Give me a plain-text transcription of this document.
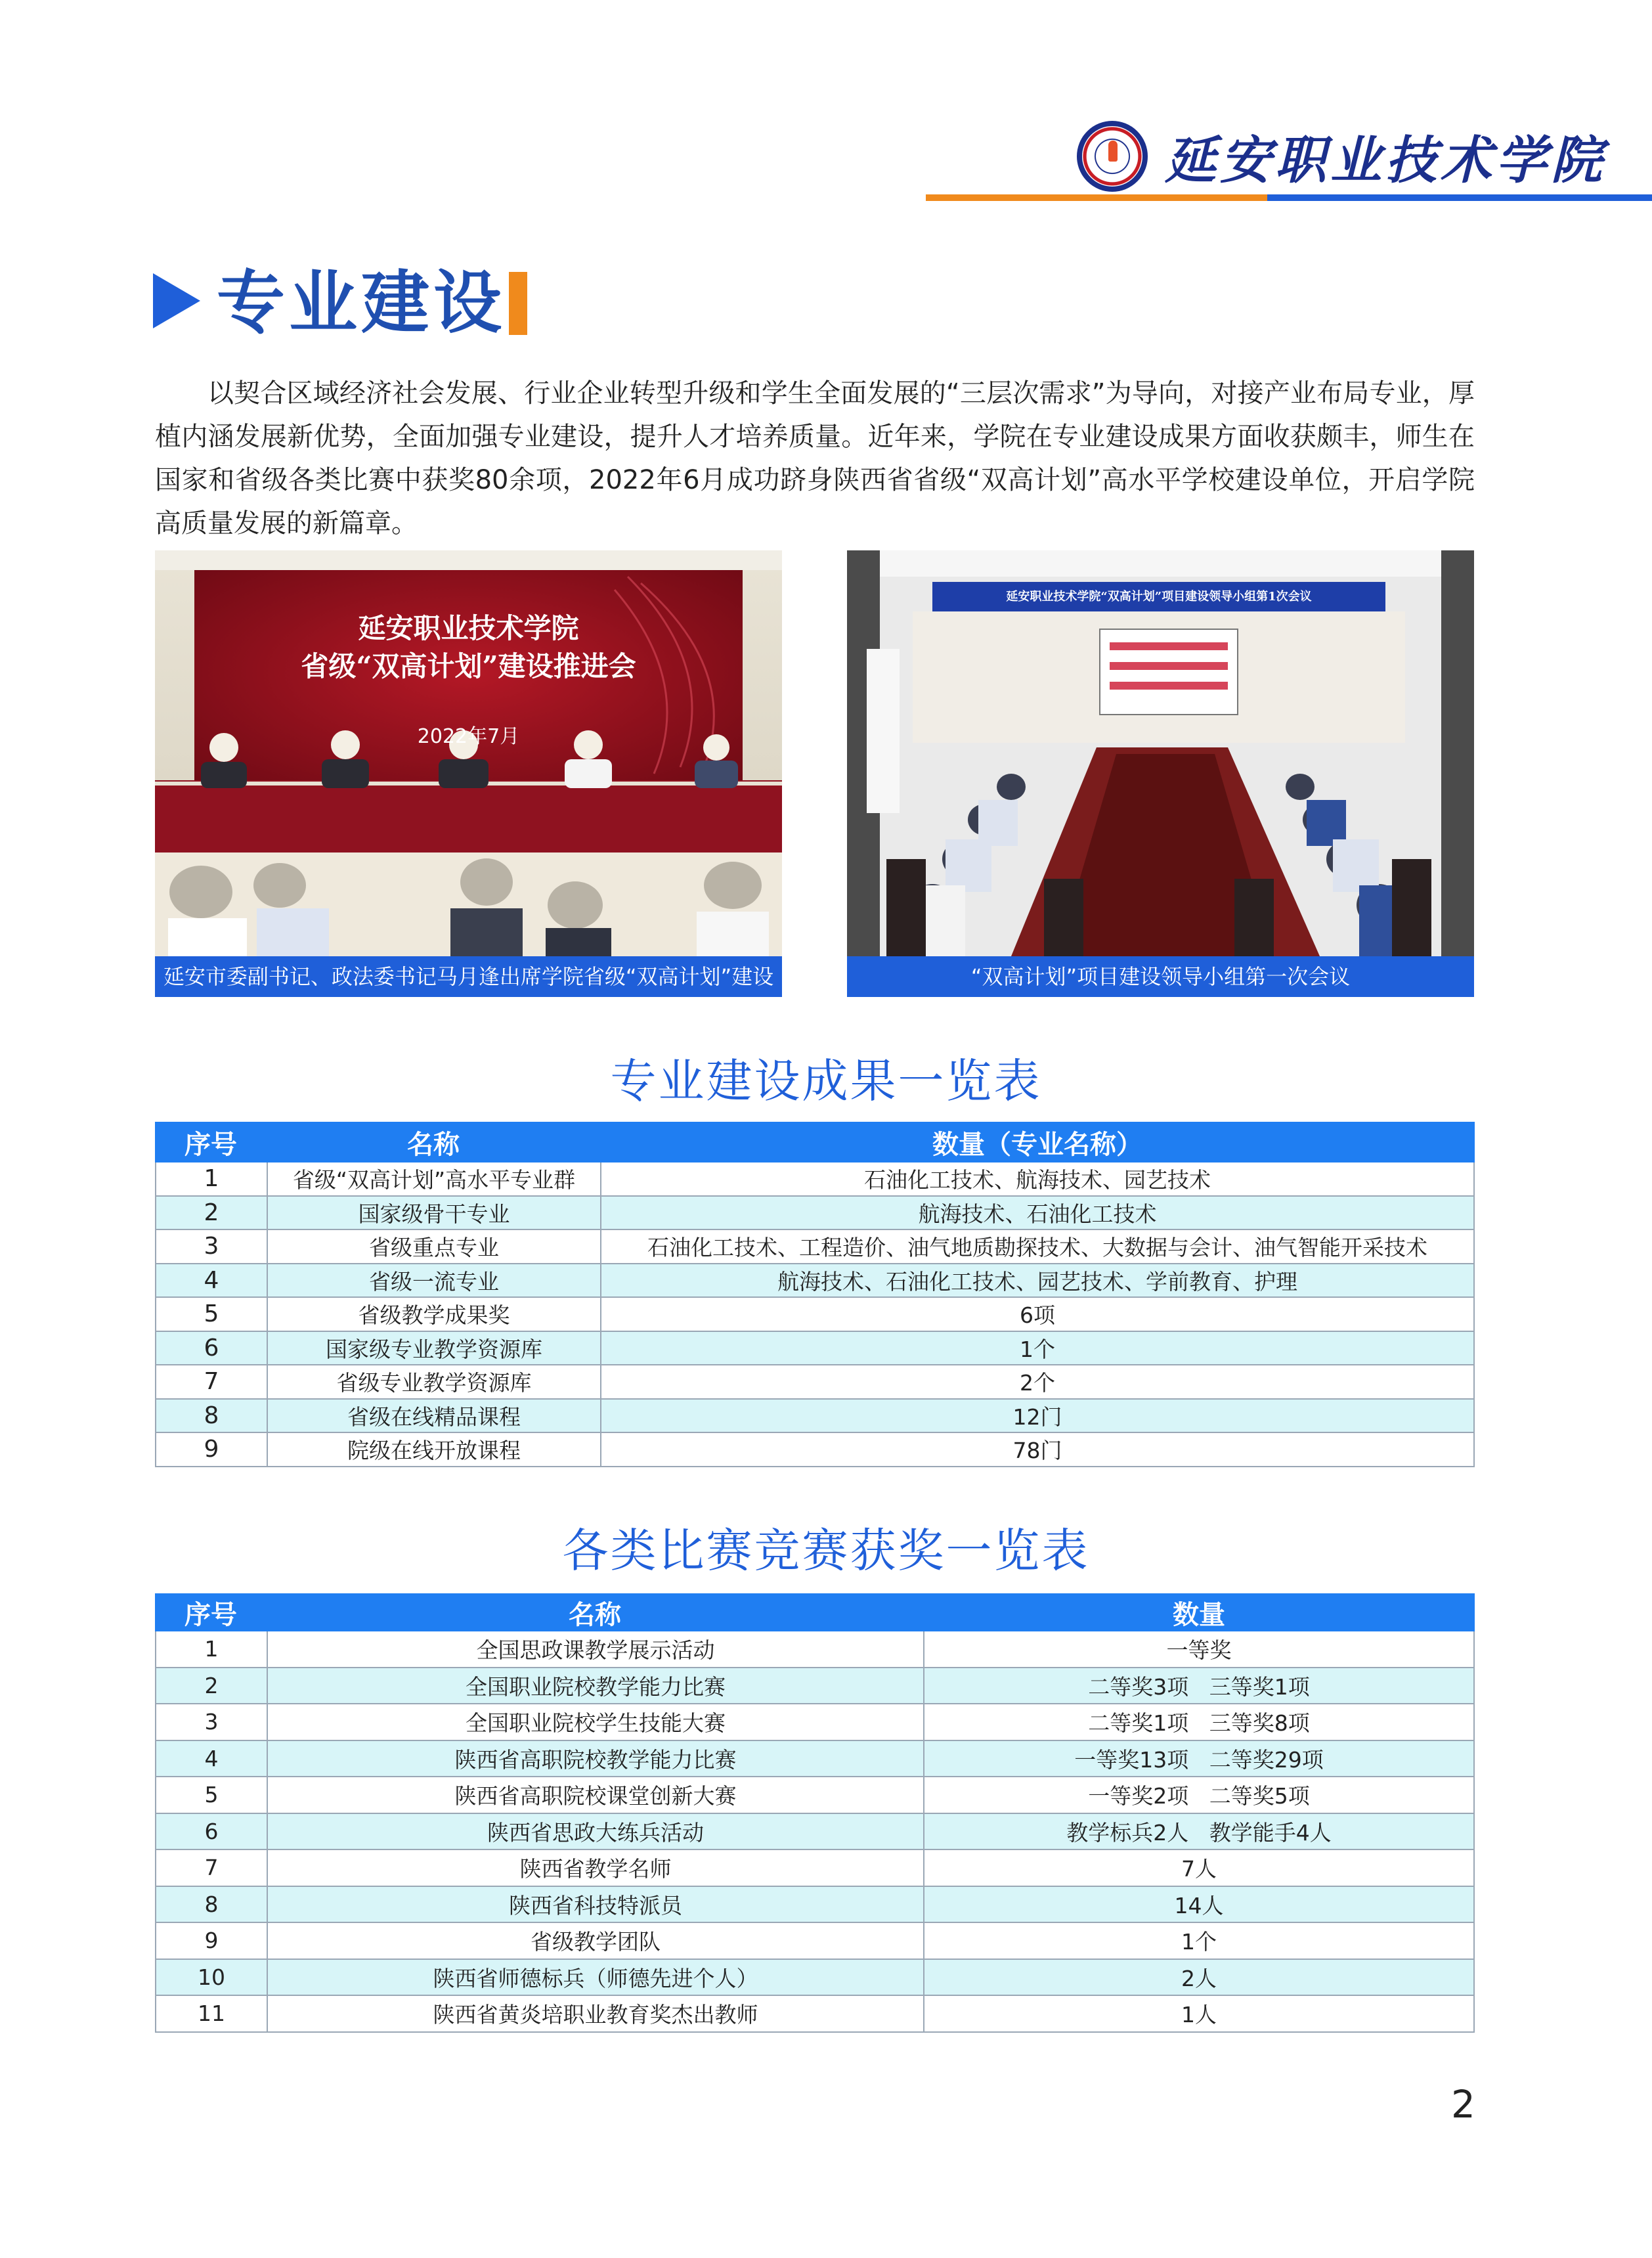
延安职业技术学院
专业建设
以契合区域经济社会发展、行业企业转型升级和学生全面发展的“三层次需求”为导向，对接产业布局专业，厚植内涵发展新优势，全面加强专业建设，提升人才培养质量。近年来，学院在专业建设成果方面收获颇丰，师生在国家和省级各类比赛中获奖80余项，2022年6月成功跻身陕西省省级“双高计划”高水平学校建设单位，开启学院高质量发展的新篇章。
延安职业技术学院
省级“双高计划”建设推进会
2022年7月
延安市委副书记、政法委书记马月逢出席学院省级“双高计划”建设推进会
延安职业技术学院“双高计划”项目建设领导小组第1次会议
“双高计划”项目建设领导小组第一次会议
专业建设成果一览表
序号	名称	数量（专业名称）
1	省级“双高计划”高水平专业群	石油化工技术、航海技术、园艺技术
2	国家级骨干专业	航海技术、石油化工技术
3	省级重点专业	石油化工技术、工程造价、油气地质勘探技术、大数据与会计、油气智能开采技术
4	省级一流专业	航海技术、石油化工技术、园艺技术、学前教育、护理
5	省级教学成果奖	6项
6	国家级专业教学资源库	1个
7	省级专业教学资源库	2个
8	省级在线精品课程	12门
9	院级在线开放课程	78门
各类比赛竞赛获奖一览表
序号	名称	数量
1	全国思政课教学展示活动	一等奖
2	全国职业院校教学能力比赛	二等奖3项   三等奖1项
3	全国职业院校学生技能大赛	二等奖1项   三等奖8项
4	陕西省高职院校教学能力比赛	一等奖13项   二等奖29项
5	陕西省高职院校课堂创新大赛	一等奖2项   二等奖5项
6	陕西省思政大练兵活动	教学标兵2人   教学能手4人
7	陕西省教学名师	7人
8	陕西省科技特派员	14人
9	省级教学团队	1个
10	陕西省师德标兵（师德先进个人）	2人
11	陕西省黄炎培职业教育奖杰出教师	1人
2
